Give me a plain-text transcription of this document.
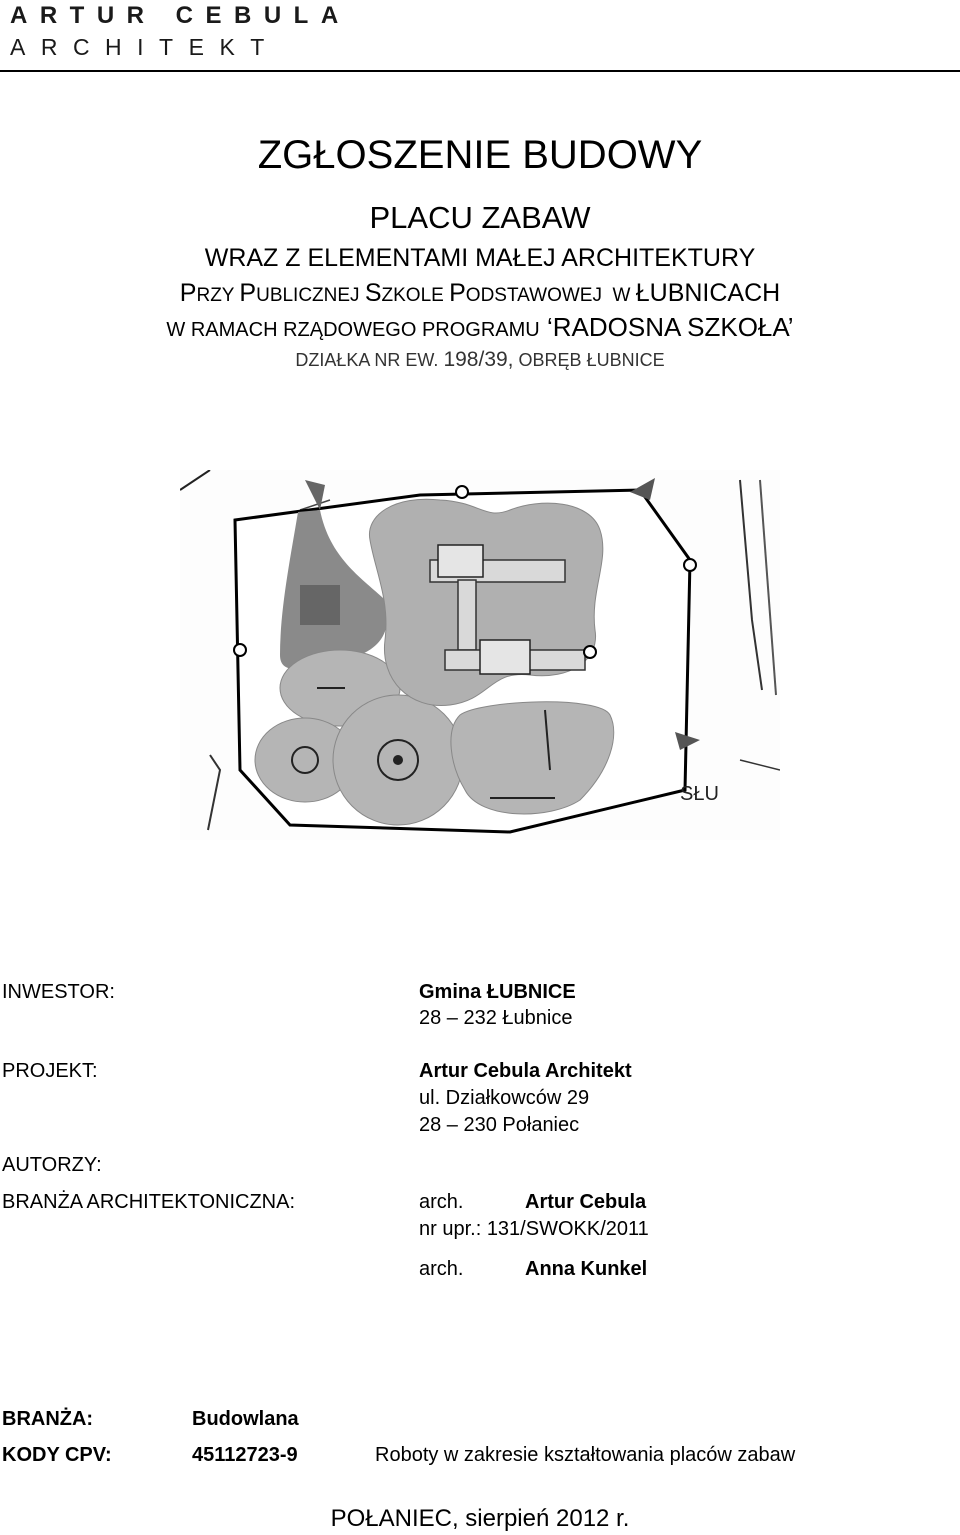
ARTUR CEBULA
ARCHITEKT
ZGŁOSZENIE BUDOWY
PLACU ZABAW
WRAZ Z ELEMENTAMI MAŁEJ ARCHITEKTURY
PRZY PUBLICZNEJ SZKOLE PODSTAWOWEJ  W ŁUBNICACH
W RAMACH RZĄDOWEGO PROGRAMU ‘RADOSNA SZKOŁA’
DZIAŁKA NR EW. 198/39, OBRĘB ŁUBNICE
SŁU
INWESTOR:	Gmina ŁUBNICE
28 – 232 Łubnice
PROJEKT:	Artur Cebula Architekt
ul. Działkowców 29
28 – 230 Połaniec
AUTORZY:
BRANŻA ARCHITEKTONICZNA:	arch.	Artur Cebula
nr upr.: 131/SWOKK/2011
arch.	Anna Kunkel
BRANŻA:	Budowlana
KODY CPV:	45112723-9	Roboty w zakresie kształtowania placów zabaw
POŁANIEC, sierpień 2012 r.
